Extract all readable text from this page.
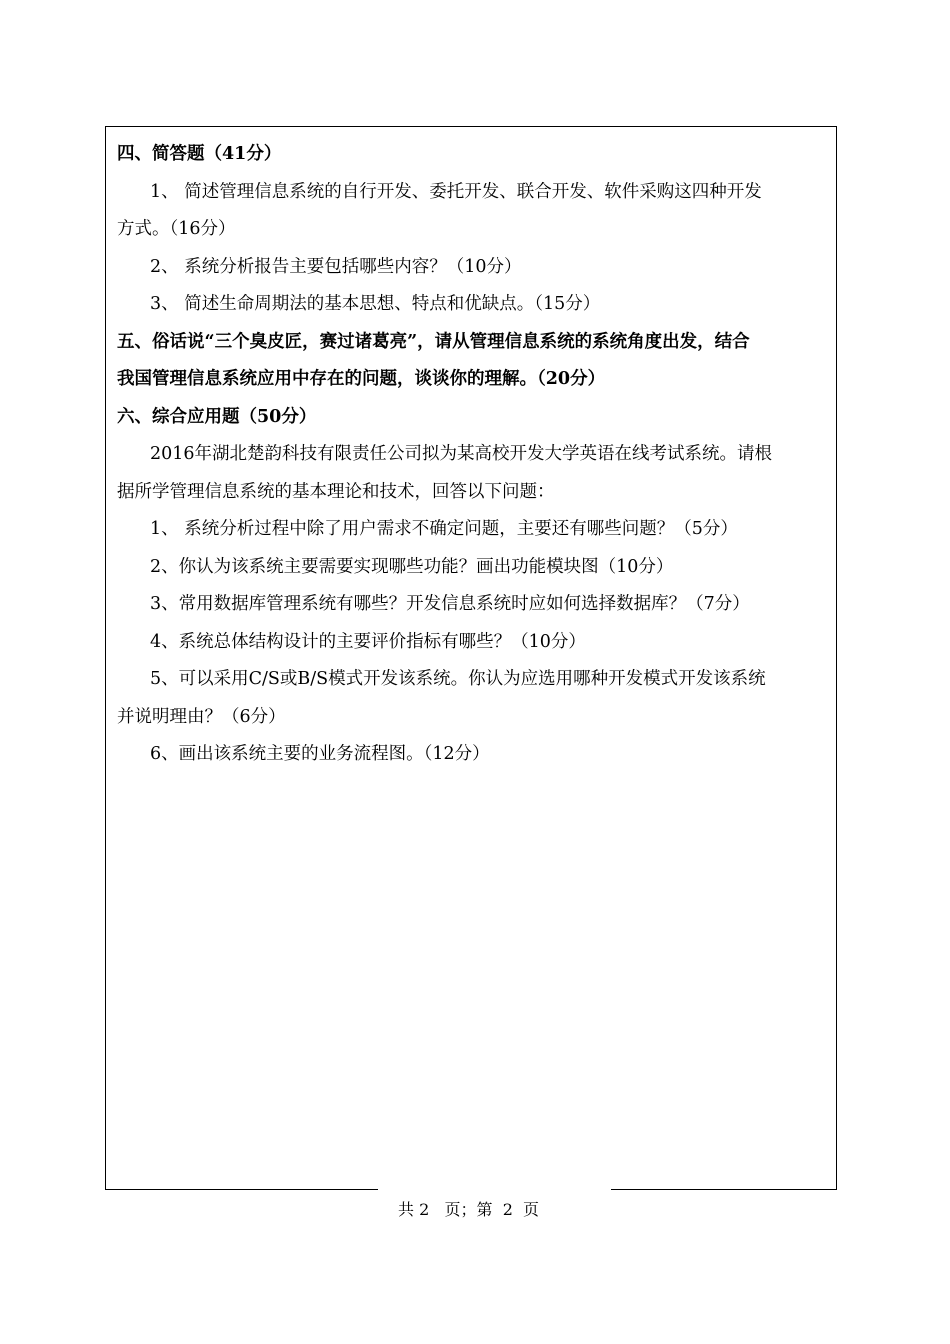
四、简答题（41分）
1、 简述管理信息系统的自行开发、委托开发、联合开发、软件采购这四种开发
方式。（16分）
2、 系统分析报告主要包括哪些内容？（10分）
3、 简述生命周期法的基本思想、特点和优缺点。（15分）
五、俗话说“三个臭皮匠，赛过诸葛亮”，请从管理信息系统的系统角度出发，结合
我国管理信息系统应用中存在的问题，谈谈你的理解。（20分）
六、综合应用题（50分）
2016年湖北楚韵科技有限责任公司拟为某高校开发大学英语在线考试系统。请根
据所学管理信息系统的基本理论和技术，回答以下问题：
1、 系统分析过程中除了用户需求不确定问题，主要还有哪些问题？（5分）
2、你认为该系统主要需要实现哪些功能？画出功能模块图（10分）
3、常用数据库管理系统有哪些？开发信息系统时应如何选择数据库？（7分）
4、系统总体结构设计的主要评价指标有哪些？（10分）
5、可以采用C/S或B/S模式开发该系统。你认为应选用哪种开发模式开发该系统
并说明理由？（6分）
6、画出该系统主要的业务流程图。（12分）
共 2   页；第  2  页
